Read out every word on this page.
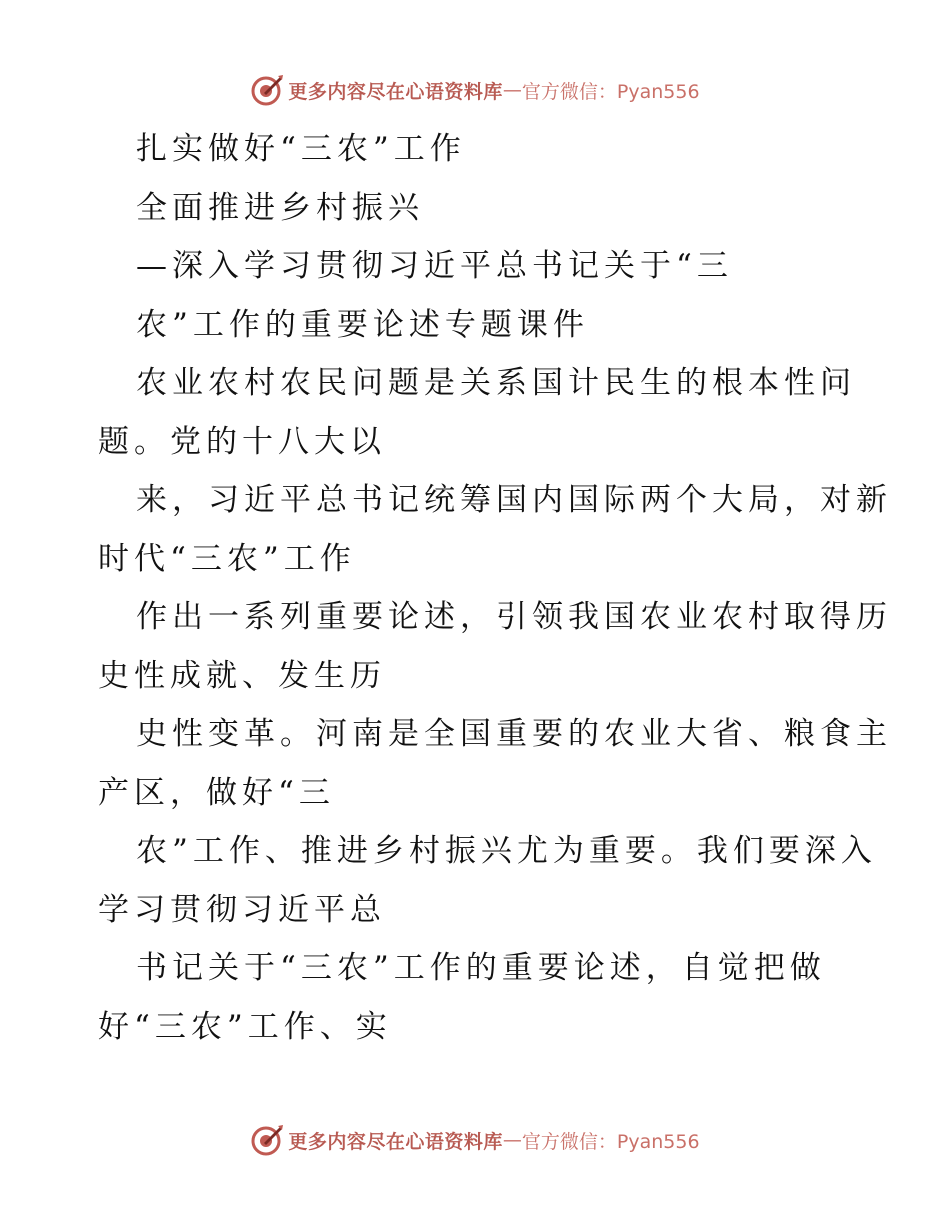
更多内容尽在心语资料库 — 官方微信：Pyan556
扎实做好“三农”工作
全面推进乡村振兴
—深入学习贯彻习近平总书记关于“三
农”工作的重要论述专题课件
农业农村农民问题是关系国计民生的根本性问
题。党的十八大以
来，习近平总书记统筹国内国际两个大局，对新
时代“三农”工作
作出一系列重要论述，引领我国农业农村取得历
史性成就、发生历
史性变革。河南是全国重要的农业大省、粮食主
产区，做好“三
农”工作、推进乡村振兴尤为重要。我们要深入
学习贯彻习近平总
书记关于“三农”工作的重要论述，自觉把做
好“三农”工作、实
更多内容尽在心语资料库 — 官方微信：Pyan556
